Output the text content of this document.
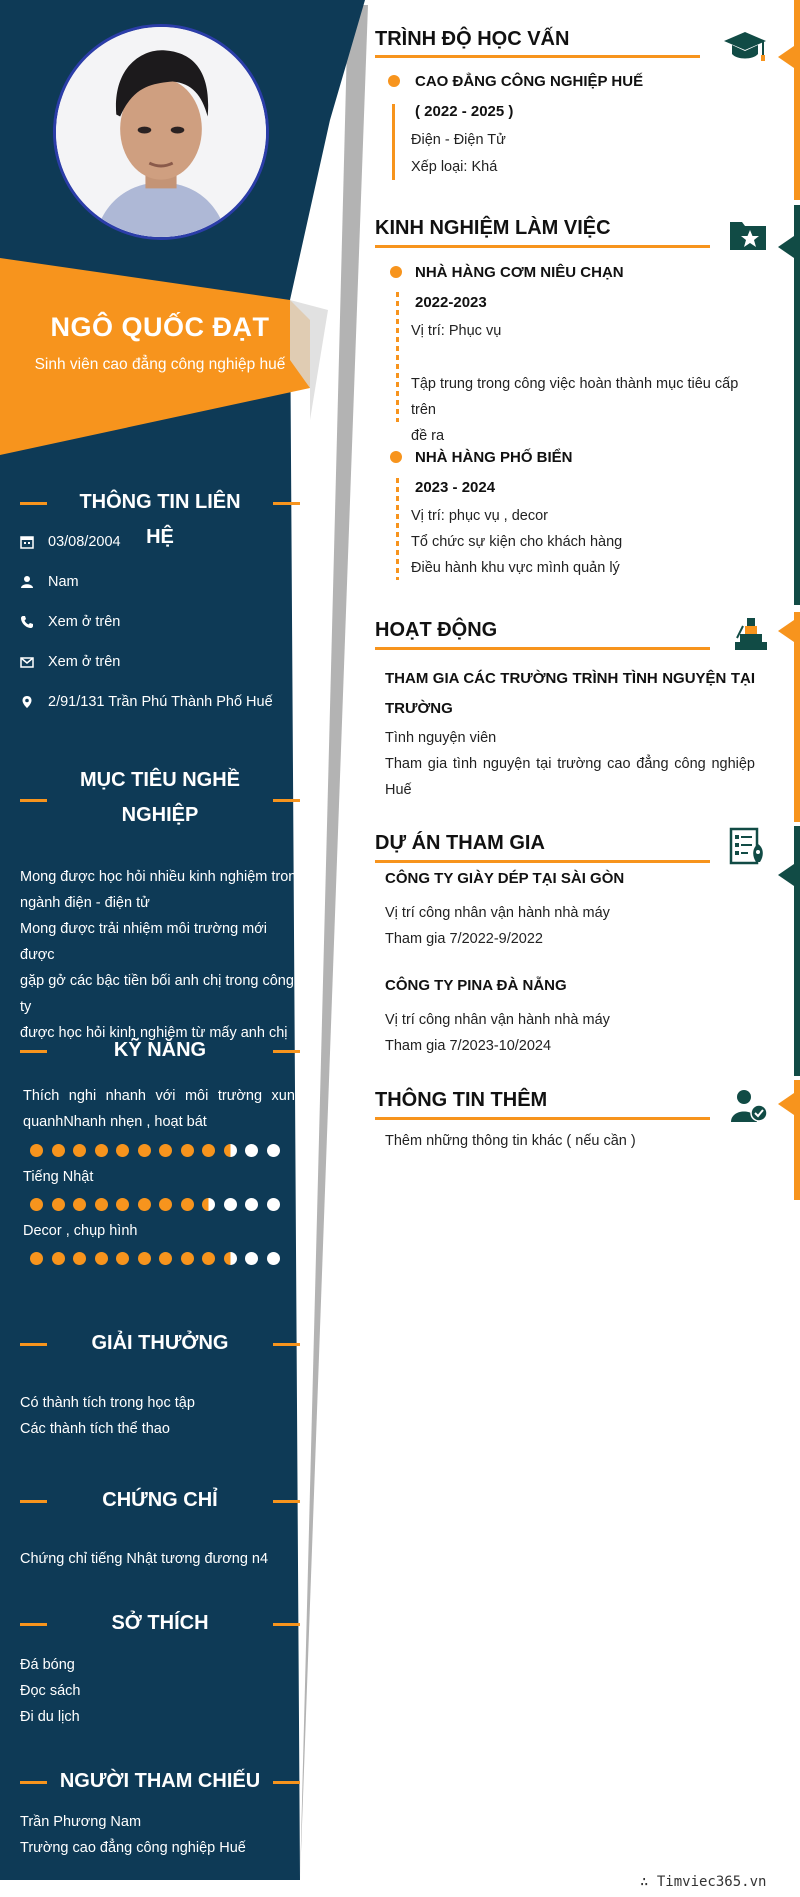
NGÔ QUỐC ĐẠT
Sinh viên cao đẳng công nghiệp huế
THÔNG TIN LIÊN HỆ
03/08/2004
Nam
Xem ở trên
Xem ở trên
2/91/131 Trần Phú Thành Phố Huế
MỤC TIÊU NGHỀ
NGHIỆP
Mong được học hỏi nhiều kinh nghiệm trong
ngành điện - điện tử
Mong được trải nhiệm môi trường mới được
gặp gở các bậc tiền bối anh chị trong công ty
được học hỏi kinh nghiệm từ mấy anh chị
KỸ NĂNG
Thích nghi nhanh với môi trường xung
quanhNhanh nhẹn , hoạt bát
Tiếng Nhật
Decor , chụp hình
GIẢI THƯỞNG
Có thành tích trong học tập
Các thành tích thể thao
CHỨNG CHỈ
Chứng chỉ tiếng Nhật tương đương n4
SỞ THÍCH
Đá bóng
Đọc sách
Đi du lịch
NGƯỜI THAM CHIẾU
Trần Phương Nam
Trường cao đẳng công nghiệp Huế
TRÌNH ĐỘ HỌC VẤN
CAO ĐẲNG CÔNG NGHIỆP HUẾ
( 2022 - 2025 )
Điện - Điện Tử
Xếp loại: Khá
KINH NGHIỆM LÀM VIỆC
NHÀ HÀNG CƠM NIÊU CHẠN
2022-2023
Vị trí: Phục vụ
Tập trung trong công việc hoàn thành mục tiêu cấp trên
đề ra
NHÀ HÀNG PHỐ BIỂN
2023 - 2024
Vị trí: phục vụ , decor
Tổ chức sự kiện cho khách hàng
Điều hành khu vực mình quản lý
HOẠT ĐỘNG
THAM GIA CÁC TRƯỜNG TRÌNH TÌNH NGUYỆN TẠI
TRƯỜNG
Tình nguyện viên
Tham gia tình nguyện tại trường cao đẳng công nghiệp
Huế
DỰ ÁN THAM GIA
CÔNG TY GIÀY DÉP TẠI SÀI GÒN
Vị trí công nhân vận hành nhà máy
Tham gia 7/2022-9/2022
CÔNG TY PINA ĐÀ NẴNG
Vị trí công nhân vận hành nhà máy
Tham gia 7/2023-10/2024
THÔNG TIN THÊM
Thêm những thông tin khác ( nếu cần )
∴ Timviec365.vn
